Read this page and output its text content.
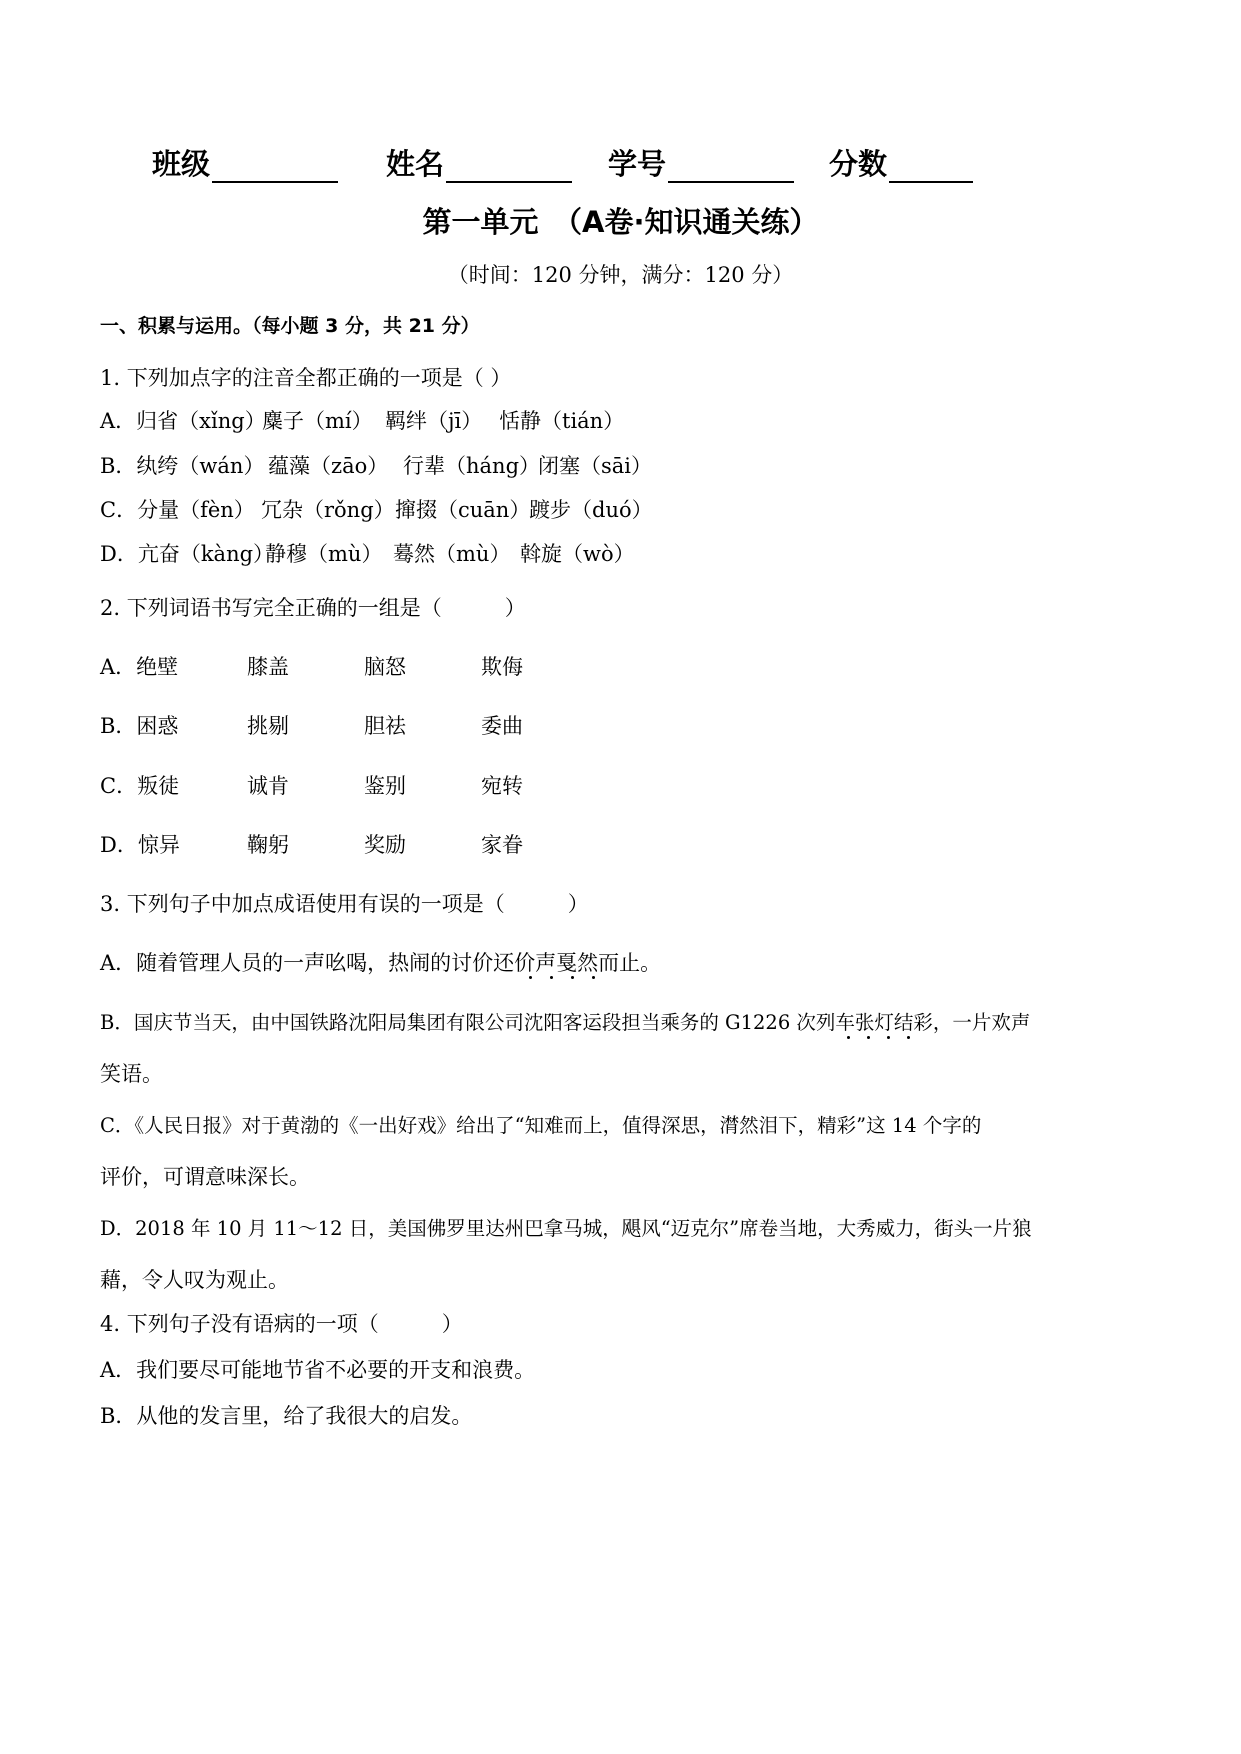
班级	姓名	学号	分数
第一单元　（A卷·知识通关练）
（时间：120 分钟，满分：120 分）
一、积累与运用。（每小题 3 分，共 21 分）
1. 下列加点字的注音全都正确的一项是（ ）
A．归省（xǐng）
麋子（mí） 羁绊（jī） 恬静（tián）
B．纨绔（wán） 蕴藻（zāo） 行辈（háng）
闭塞（sāi）
C．分量（fèn） 冗杂（rǒng） 撺掇（cuān）
踱步（duó）
D．亢奋（kàng）
静穆（mù） 蓦然（mù） 斡旋（wò）
2. 下列词语书写完全正确的一组是（　　　）
A．绝壁	膝盖	脑怒	欺侮
B．困惑	挑剔	胆祛	委曲
C．叛徒	诚肯	鉴别	宛转
D．惊异	鞠躬	奖励	家眷
3. 下列句子中加点成语使用有误的一项是（　　　）
A．随着管理人员的一声吆喝，热闹的讨价还价声戛然而止。
B．国庆节当天，由中国铁路沈阳局集团有限公司沈阳客运段担当乘务的 G1226 次列车张灯结彩，一片欢声
笑语。
C．《人民日报》对于黄渤的《一出好戏》给出了“知难而上，值得深思，潸然泪下，精彩”这 14 个字的
评价，可谓意味深长。
D．2018 年 10 月 11～12 日，美国佛罗里达州巴拿马城，飓风“迈克尔”席卷当地，大秀威力，街头一片狼
藉，令人叹为观止。
4. 下列句子没有语病的一项（　　　）
A．我们要尽可能地节省不必要的开支和浪费。
B．从他的发言里，给了我很大的启发。
